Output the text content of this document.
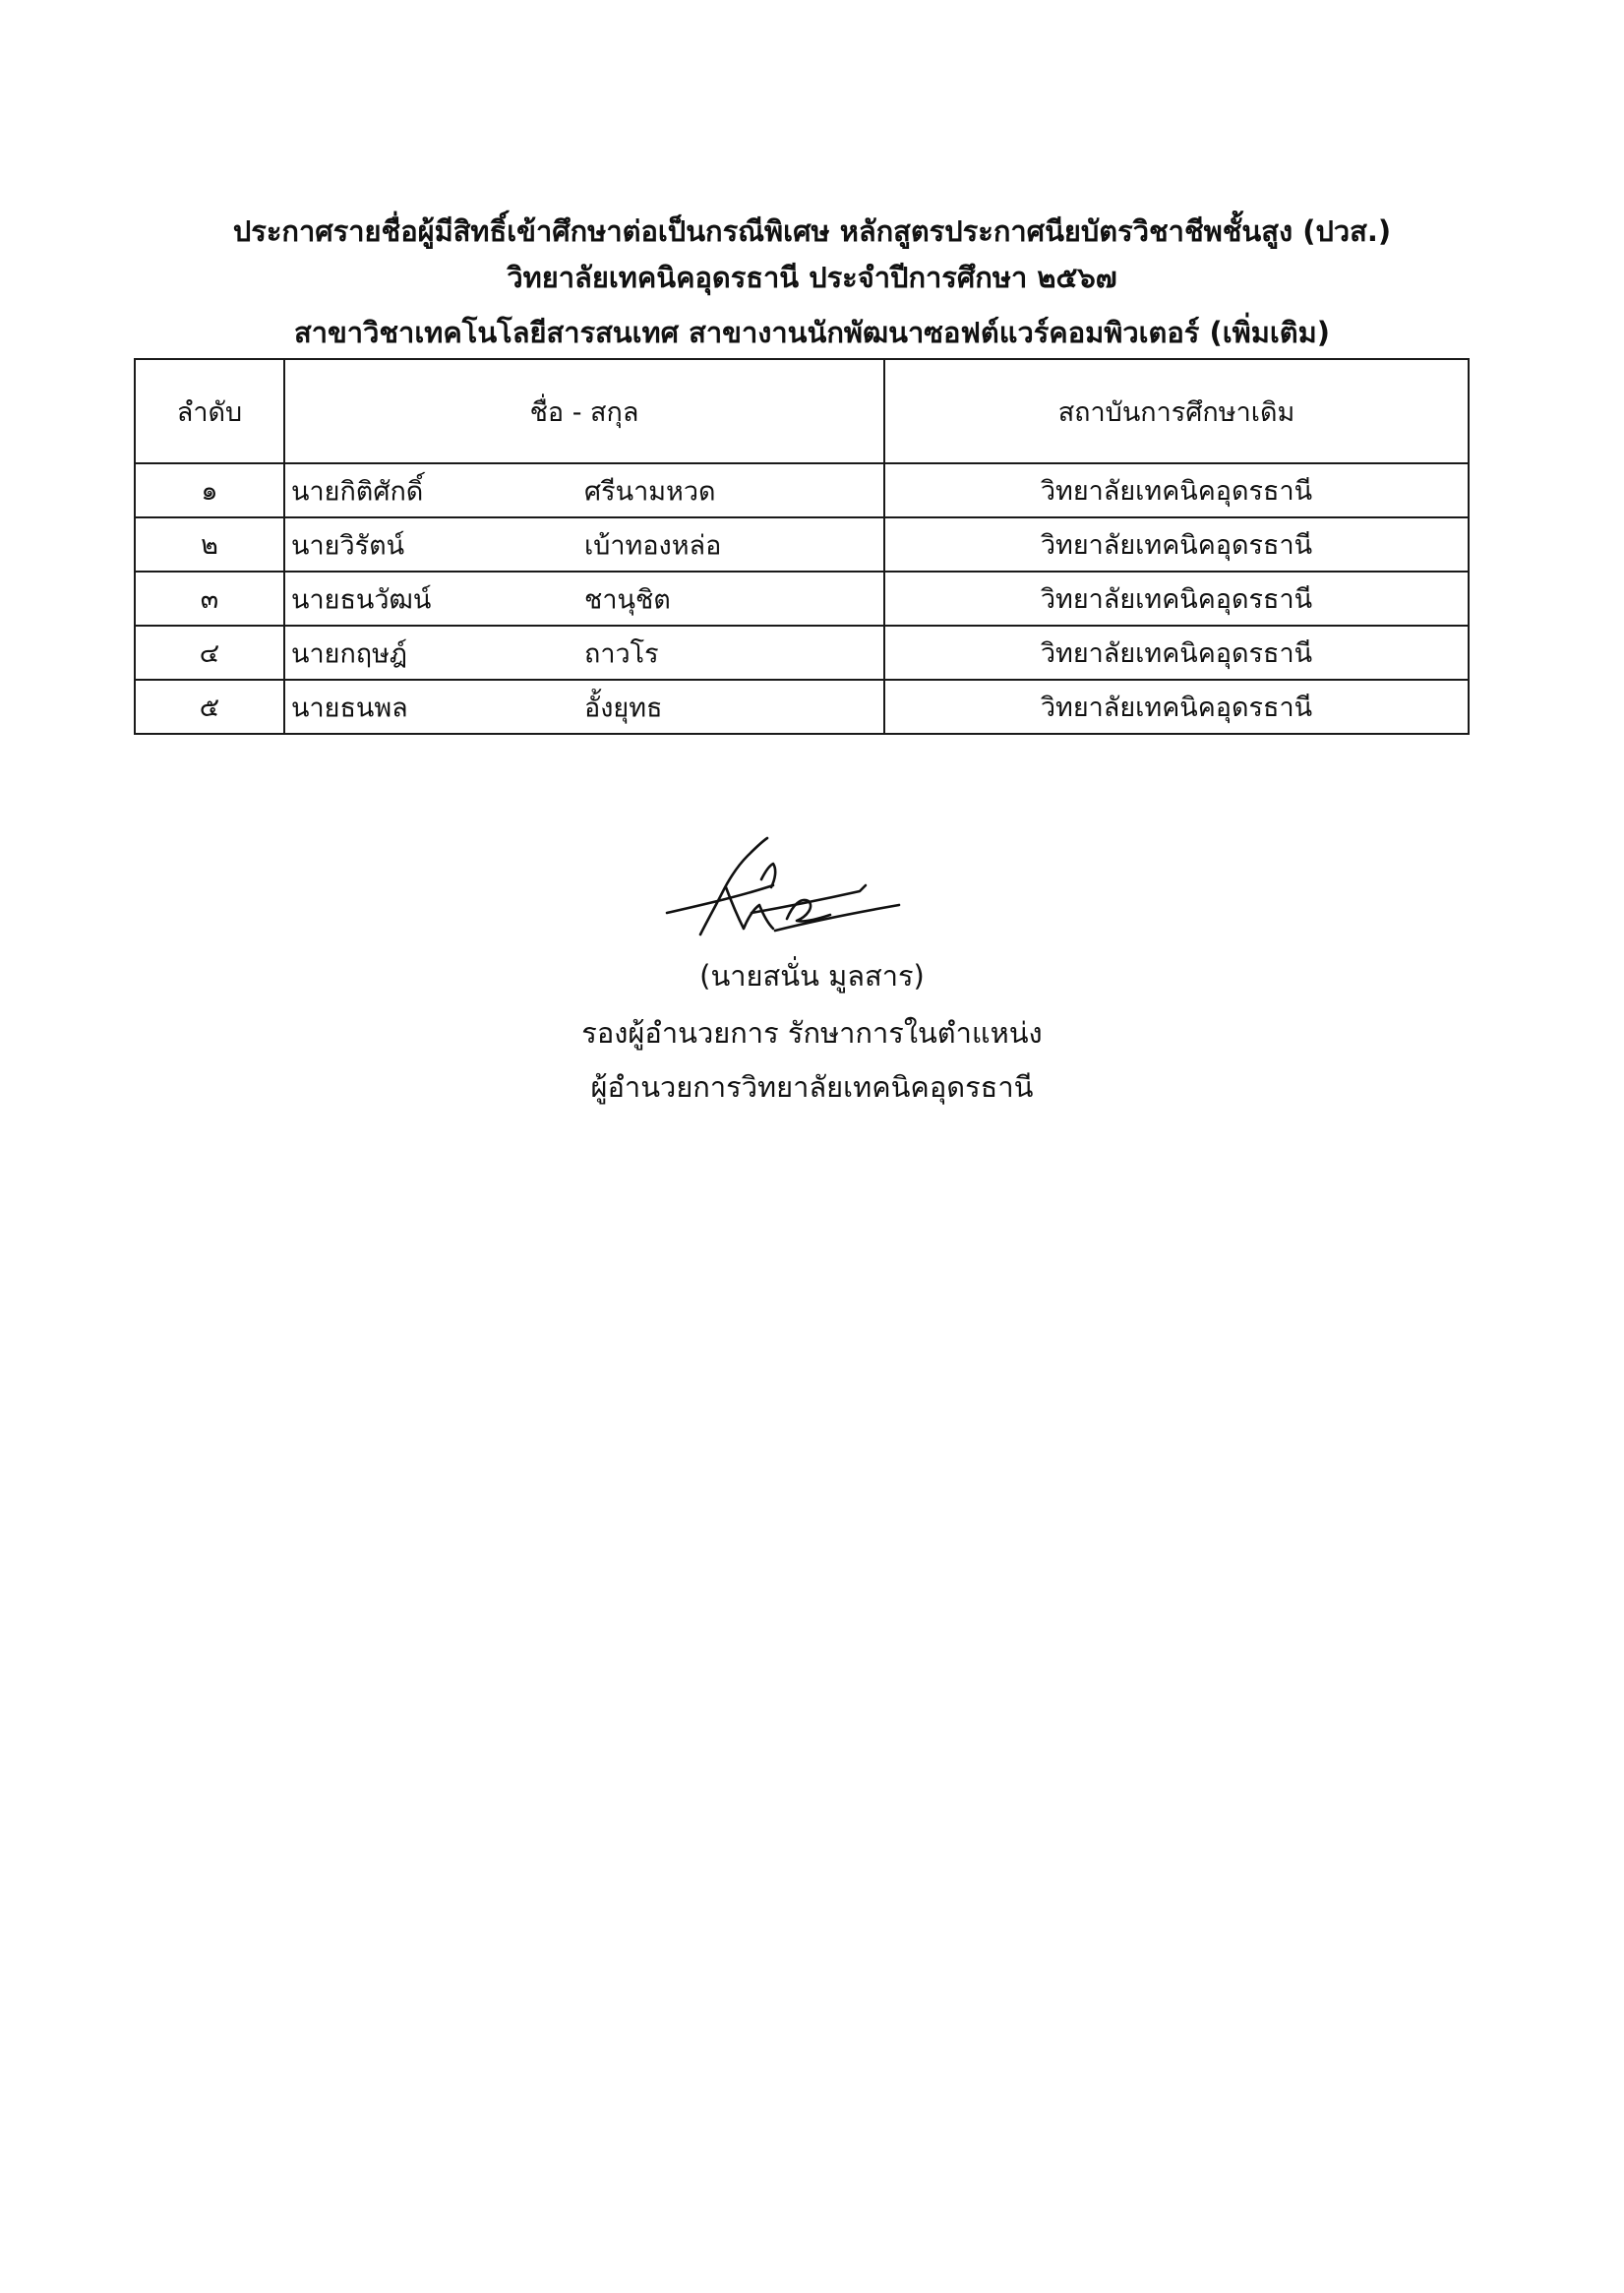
ประกาศรายชื่อผู้มีสิทธิ์เข้าศึกษาต่อเป็นกรณีพิเศษ หลักสูตรประกาศนียบัตรวิชาชีพชั้นสูง (ปวส.)
วิทยาลัยเทคนิคอุดรธานี ประจำปีการศึกษา ๒๕๖๗
สาขาวิชาเทคโนโลยีสารสนเทศ สาขางานนักพัฒนาซอฟต์แวร์คอมพิวเตอร์ (เพิ่มเติม)
ลำดับ	ชื่อ - สกุล	สถาบันการศึกษาเดิม
๑	นายกิติศักดิ์ ศรีนามหวด	วิทยาลัยเทคนิคอุดรธานี
๒	นายวิรัตน์ เบ้าทองหล่อ	วิทยาลัยเทคนิคอุดรธานี
๓	นายธนวัฒน์ ชานุชิต	วิทยาลัยเทคนิคอุดรธานี
๔	นายกฤษฎ์ ถาวโร	วิทยาลัยเทคนิคอุดรธานี
๕	นายธนพล อั้งยุทธ	วิทยาลัยเทคนิคอุดรธานี
(นายสนั่น มูลสาร)
รองผู้อำนวยการ รักษาการในตำแหน่ง
ผู้อำนวยการวิทยาลัยเทคนิคอุดรธานี
